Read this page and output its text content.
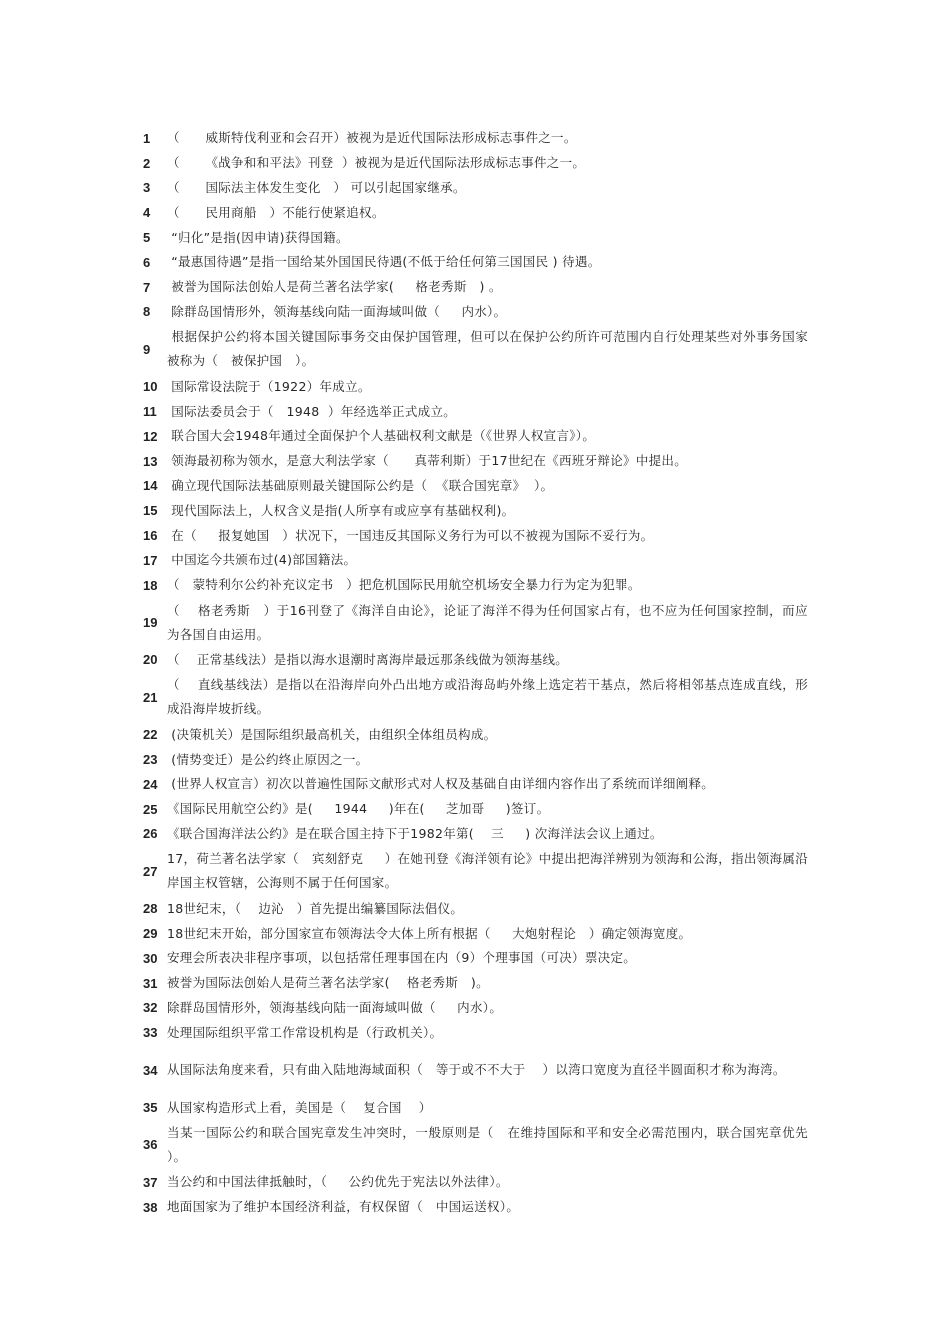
1	（      威斯特伐利亚和会召开）被视为是近代国际法形成标志事件之一。
2	（      《战争和和平法》刊登  ）被视为是近代国际法形成标志事件之一。
3	（      国际法主体发生变化   ） 可以引起国家继承。
4	（      民用商船   ）不能行使紧追权。
5	“归化”是指(因申请)获得国籍。
6	“最惠国待遇”是指一国给某外国国民待遇(不低于给任何第三国国民 ) 待遇。
7	被誉为国际法创始人是荷兰著名法学家(     格老秀斯   ) 。
8	除群岛国情形外，领海基线向陆一面海域叫做（     内水）。
9
根据保护公约将本国关键国际事务交由保护国管理，但可以在保护公约所许可范围内自行处理某些对外事务国家被称为（   被保护国   ）。
10 国际常设法院于（1922）年成立。
11 国际法委员会于（   1948  ）年经选举正式成立。
12 联合国大会1948年通过全面保护个人基础权利文献是（《世界人权宣言》）。
13 领海最初称为领水，是意大利法学家（      真蒂利斯）于17世纪在《西班牙辩论》中提出。
14 确立现代国际法基础原则最关键国际公约是（  《联合国宪章》  ）。
15 现代国际法上，人权含义是指(人所享有或应享有基础权利)。
16 在（     报复她国   ）状况下，一国违反其国际义务行为可以不被视为国际不妥行为。
17 中国迄今共颁布过(4)部国籍法。
18 （   蒙特利尔公约补充议定书   ）把危机国际民用航空机场安全暴力行为定为犯罪。
19
（    格老秀斯   ）于16刊登了《海洋自由论》，论证了海洋不得为任何国家占有，也不应为任何国家控制，而应为各国自由运用。
20 （    正常基线法）是指以海水退潮时离海岸最远那条线做为领海基线。
21
（    直线基线法）是指以在沿海岸向外凸出地方或沿海岛屿外缘上选定若干基点，然后将相邻基点连成直线，形成沿海岸坡折线。
22 (决策机关）是国际组织最高机关，由组织全体组员构成。
23 (情势变迁）是公约终止原因之一。
24 (世界人权宣言）初次以普遍性国际文献形式对人权及基础自由详细内容作出了系统而详细阐释。
25 《国际民用航空公约》是(     1944     )年在(     芝加哥     )签订。
26 《联合国海洋法公约》是在联合国主持下于1982年第(    三     ) 次海洋法会议上通过。
27
17，荷兰著名法学家（   宾刻舒克     ）在她刊登《海洋领有论》中提出把海洋辨别为领海和公海，指出领海属沿岸国主权管辖，公海则不属于任何国家。
28 18世纪末，（    边沁   ）首先提出编纂国际法倡仪。
29 18世纪末开始，部分国家宣布领海法令大体上所有根据（     大炮射程论   ）确定领海宽度。
30 安理会所表决非程序事项，以包括常任理事国在内（9）个理事国（可决）票决定。
31 被誉为国际法创始人是荷兰著名法学家(    格老秀斯   )。
32 除群岛国情形外，领海基线向陆一面海域叫做（     内水）。
33 处理国际组织平常工作常设机构是（行政机关）。
34 从国际法角度来看，只有曲入陆地海域面积（   等于或不不大于    ）以湾口宽度为直径半圆面积才称为海湾。
35 从国家构造形式上看，美国是（    复合国    ）
36
当某一国际公约和联合国宪章发生冲突时，一般原则是（   在维持国际和平和安全必需范围内，联合国宪章优先   ）。
37 当公约和中国法律抵触时，（     公约优先于宪法以外法律）。
38 地面国家为了维护本国经济利益，有权保留（   中国运送权）。
